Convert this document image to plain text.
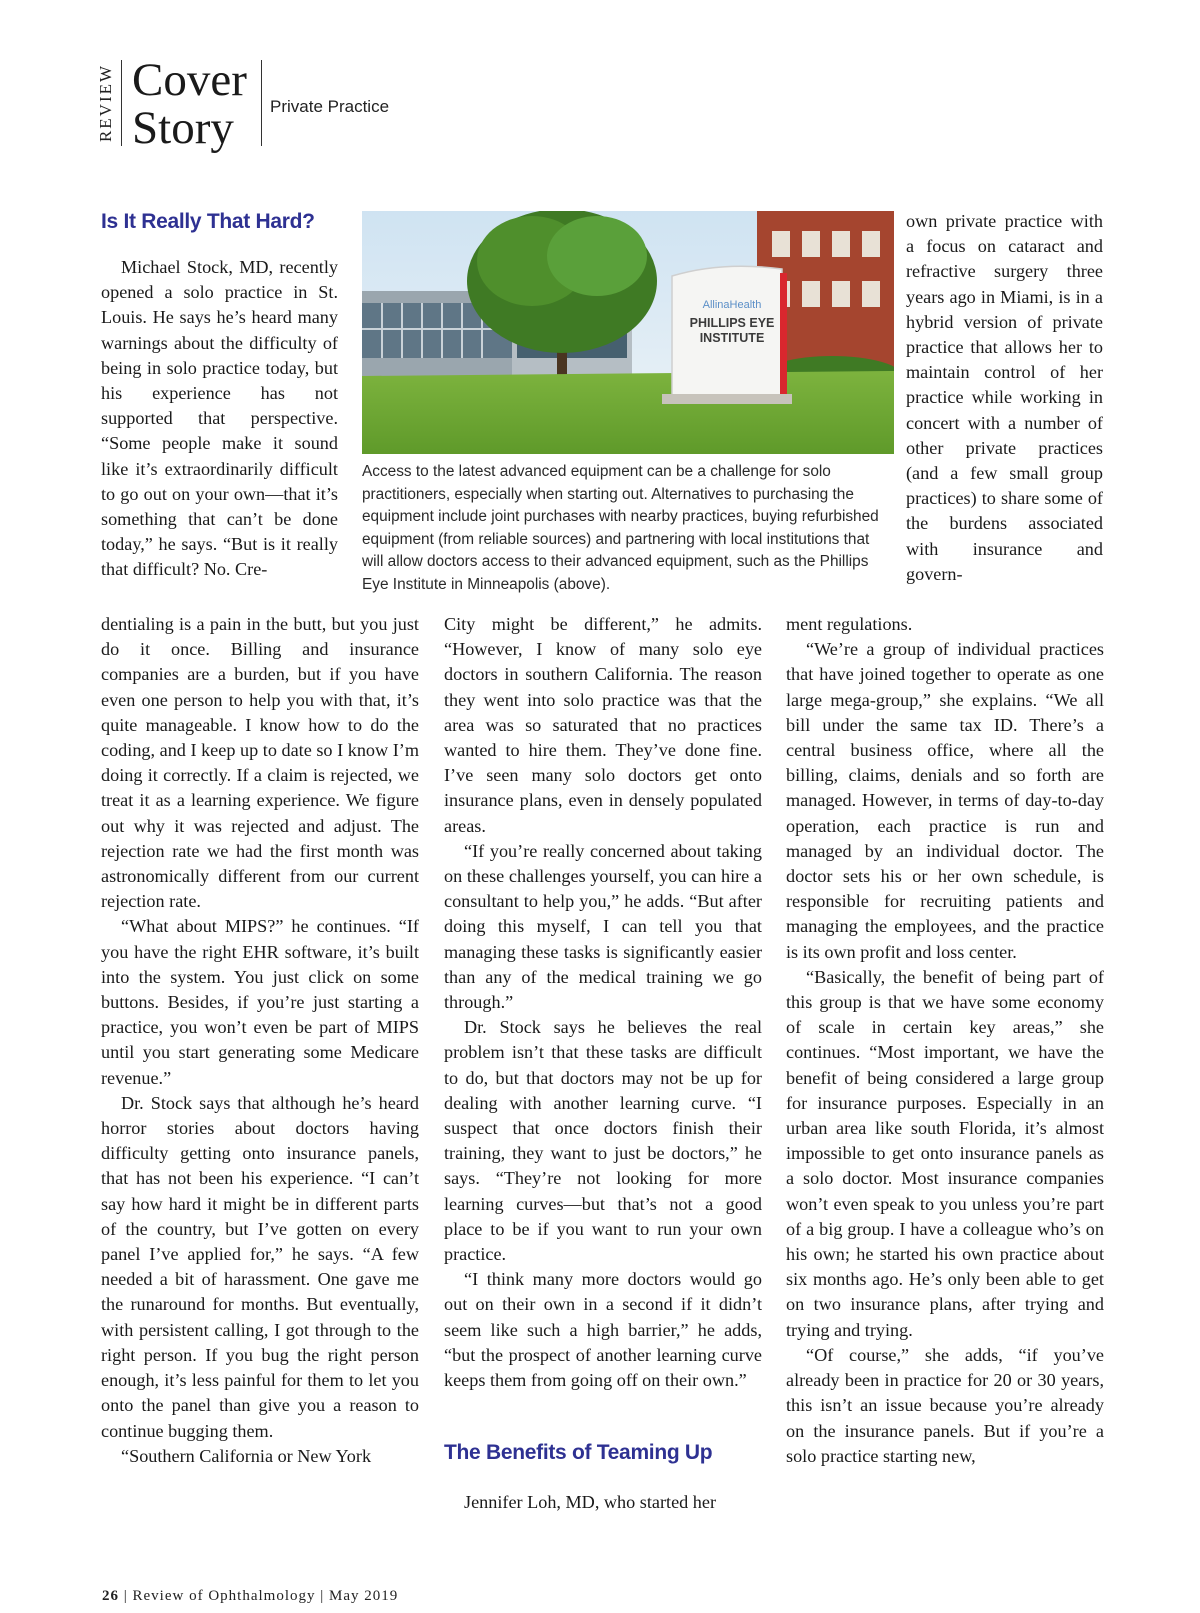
REVIEW Cover
Story	Private Practice
Is It Really That Hard?

Michael Stock, MD, recently opened a solo practice in St. Louis. He says he’s heard many warnings about the difficulty of being in solo practice today, but his experience has not supported that perspective. “Some people make it sound like it’s extraordinarily difficult to go out on your own—that it’s something that can’t be done today,” he says. “But is it really that difficult? No. Cre-

AllinaHealth
PHILLIPS EYE
INSTITUTE
Access to the latest advanced equipment can be a challenge for solo practitioners, especially when starting out. Alternatives to purchasing the equipment include joint purchases with nearby practices, buying refurbished equipment (from reliable sources) and partnering with local institutions that will allow doctors access to their advanced equipment, such as the Phillips Eye Institute in Minneapolis (above).

own private practice with a focus on cataract and refractive surgery three years ago in Miami, is in a hybrid version of private practice that allows her to maintain control of her practice while working in concert with a number of other private practices (and a few small group practices) to share some of the burdens associated with insurance and govern-

dentialing is a pain in the butt, but you just do it once. Billing and insurance companies are a burden, but if you have even one person to help you with that, it’s quite manageable. I know how to do the coding, and I keep up to date so I know I’m doing it correctly. If a claim is rejected, we treat it as a learning experience. We figure out why it was rejected and adjust. The rejection rate we had the first month was astronomically different from our current rejection rate.

“What about MIPS?” he continues. “If you have the right EHR software, it’s built into the system. You just click on some buttons. Besides, if you’re just starting a practice, you won’t even be part of MIPS until you start generating some Medicare revenue.”

Dr. Stock says that although he’s heard horror stories about doctors having difficulty getting onto insurance panels, that has not been his experience. “I can’t say how hard it might be in different parts of the country, but I’ve gotten on every panel I’ve applied for,” he says. “A few needed a bit of harassment. One gave me the runaround for months. But eventually, with persistent calling, I got through to the right person. If you bug the right person enough, it’s less painful for them to let you onto the panel than give you a reason to continue bugging them.

“Southern California or New York

City might be different,” he admits. “However, I know of many solo eye doctors in southern California. The reason they went into solo practice was that the area was so saturated that no practices wanted to hire them. They’ve done fine. I’ve seen many solo doctors get onto insurance plans, even in densely populated areas.

“If you’re really concerned about taking on these challenges yourself, you can hire a consultant to help you,” he adds. “But after doing this myself, I can tell you that managing these tasks is significantly easier than any of the medical training we go through.”

Dr. Stock says he believes the real problem isn’t that these tasks are difficult to do, but that doctors may not be up for dealing with another learning curve. “I suspect that once doctors finish their training, they want to just be doctors,” he says. “They’re not looking for more learning curves—but that’s not a good place to be if you want to run your own practice.

“I think many more doctors would go out on their own in a second if it didn’t seem like such a high barrier,” he adds, “but the prospect of another learning curve keeps them from going off on their own.”

The Benefits of Teaming Up

Jennifer Loh, MD, who started her

ment regulations.

“We’re a group of individual practices that have joined together to operate as one large mega-group,” she explains. “We all bill under the same tax ID. There’s a central business office, where all the billing, claims, denials and so forth are managed. However, in terms of day-to-day operation, each practice is run and managed by an individual doctor. The doctor sets his or her own schedule, is responsible for recruiting patients and managing the employees, and the practice is its own profit and loss center.

“Basically, the benefit of being part of this group is that we have some economy of scale in certain key areas,” she continues. “Most important, we have the benefit of being considered a large group for insurance purposes. Especially in an urban area like south Florida, it’s almost impossible to get onto insurance panels as a solo doctor. Most insurance companies won’t even speak to you unless you’re part of a big group. I have a colleague who’s on his own; he started his own practice about six months ago. He’s only been able to get on two insurance plans, after trying and trying and trying.

“Of course,” she adds, “if you’ve already been in practice for 20 or 30 years, this isn’t an issue because you’re already on the insurance panels. But if you’re a solo practice starting new,

26 | Review of Ophthalmology | May 2019
